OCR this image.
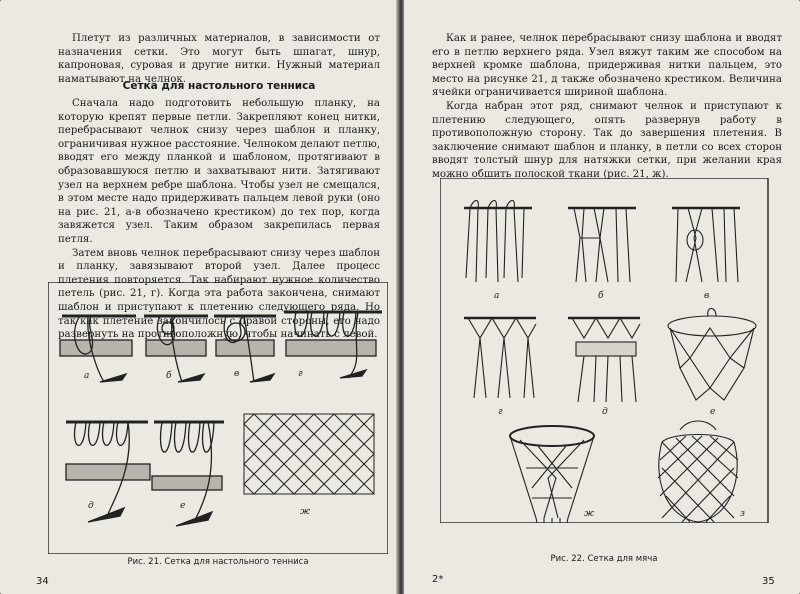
Плетут из различных материалов, в зависимости от назначения сетки. Это могут быть шпагат, шнур, капроновая, суровая и другие нитки. Нужный материал наматывают на челнок.

Сетка для настольного тенниса

Сначала надо подготовить небольшую планку, на которую крепят первые петли. Закрепляют конец нитки, перебрасывают челнок снизу через шаблон и планку, ограничивая нужное расстояние. Челноком делают петлю, вводят его между планкой и шаблоном, протягивают в образовавшуюся петлю и захватывают нити. Затягивают узел на верхнем ребре шаблона. Чтобы узел не смещался, в этом месте надо придерживать пальцем левой руки (оно на рис. 21, а-в обозначено крестиком) до тех пор, когда завяжется узел. Таким образом закрепилась первая петля.

Затем вновь челнок перебрасывают снизу через шаблон и планку, завязывают второй узел. Далее процесс плетения повторяется. Так набирают нужное количество петель (рис. 21, г). Когда эта работа закончена, снимают шаблон и приступают к плетению следующего ряда. Но так как плетение закончилось с правой стороны, его надо развернуть на противоположную, чтобы начинать с левой.

а	б	в	г
д	е
ж
Рис. 21. Сетка для настольного тенниса
34

Как и ранее, челнок перебрасывают снизу шаблона и вводят его в петлю верхнего ряда. Узел вяжут таким же способом на верхней кромке шаблона, придерживая нитки пальцем, это место на рисунке 21, д также обозначено крестиком. Величина ячейки ограничивается шириной шаблона.

Когда набран этот ряд, снимают челнок и приступают к плетению следующего, опять развернув работу в противоположную сторону. Так до завершения плетения. В заключение снимают шаблон и планку, в петли со всех сторон вводят толстый шнур для натяжки сетки, при желании края можно обшить полоской ткани (рис. 21, ж).

а	б	в
г	д	е
ж	з
Рис. 22. Сетка для мяча
2*	35
